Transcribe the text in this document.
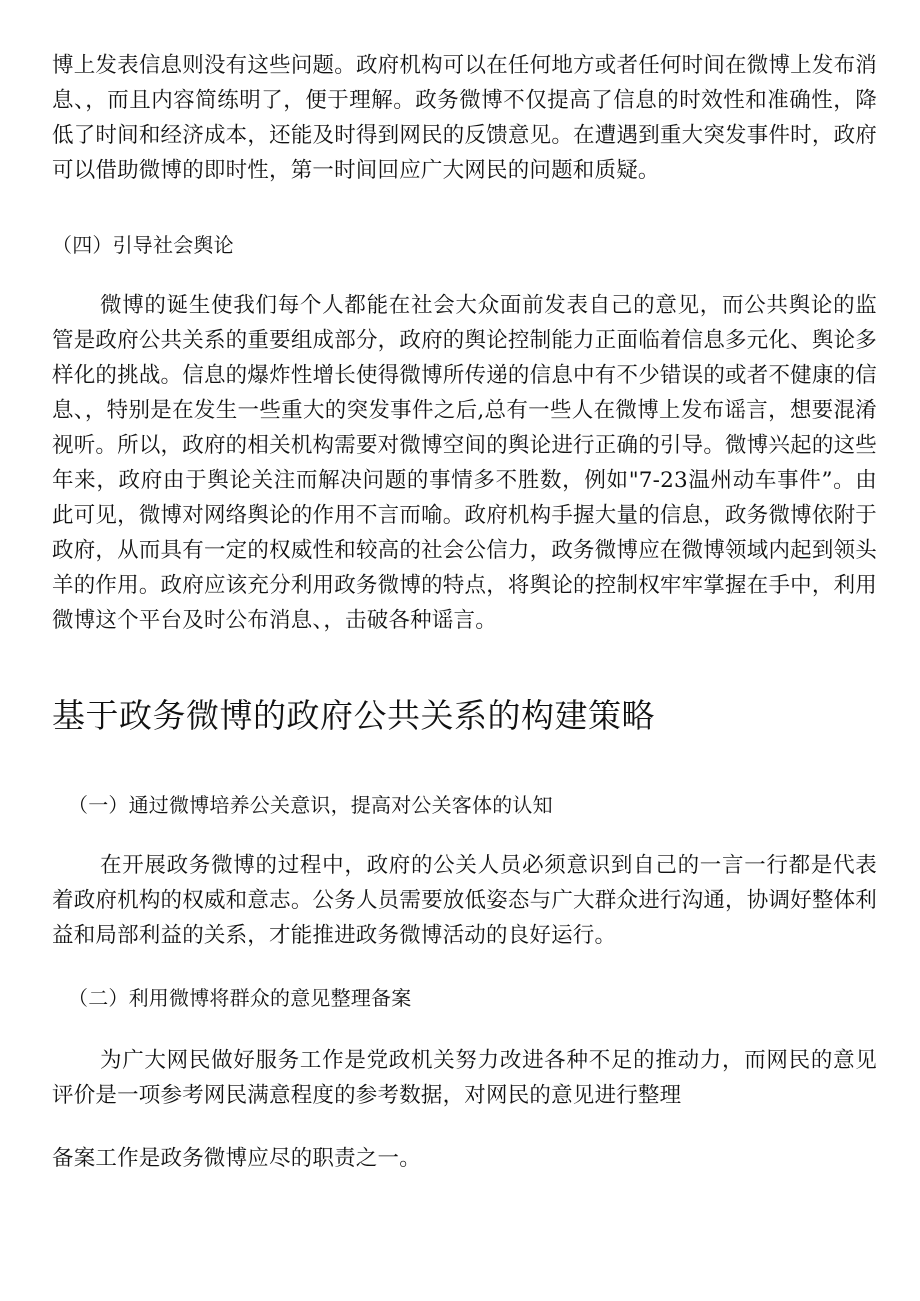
博上发表信息则没有这些问题。政府机构可以在任何地方或者任何时间在微博上发布消息、，而且内容简练明了，便于理解。政务微博不仅提高了信息的时效性和准确性，降低了时间和经济成本，还能及时得到网民的反馈意见。在遭遇到重大突发事件时，政府可以借助微博的即时性，第一时间回应广大网民的问题和质疑。

（四）引导社会舆论

微博的诞生使我们每个人都能在社会大众面前发表自己的意见，而公共舆论的监管是政府公共关系的重要组成部分，政府的舆论控制能力正面临着信息多元化、舆论多样化的挑战。信息的爆炸性增长使得微博所传递的信息中有不少错误的或者不健康的信息、，特别是在发生一些重大的突发事件之后,总有一些人在微博上发布谣言，想要混淆视听。所以，政府的相关机构需要对微博空间的舆论进行正确的引导。微博兴起的这些年来，政府由于舆论关注而解决问题的事情多不胜数，例如"7-23温州动车事件”。由此可见，微博对网络舆论的作用不言而喻。政府机构手握大量的信息，政务微博依附于政府，从而具有一定的权威性和较高的社会公信力，政务微博应在微博领域内起到领头羊的作用。政府应该充分利用政务微博的特点，将舆论的控制权牢牢掌握在手中，利用微博这个平台及时公布消息、，击破各种谣言。

基于政务微博的政府公共关系的构建策略

（一）通过微博培养公关意识，提高对公关客体的认知

在开展政务微博的过程中，政府的公关人员必须意识到自己的一言一行都是代表着政府机构的权威和意志。公务人员需要放低姿态与广大群众进行沟通，协调好整体利益和局部利益的关系，才能推进政务微博活动的良好运行。

（二）利用微博将群众的意见整理备案

为广大网民做好服务工作是党政机关努力改进各种不足的推动力，而网民的意见评价是一项参考网民满意程度的参考数据，对网民的意见进行整理

备案工作是政务微博应尽的职责之一。
